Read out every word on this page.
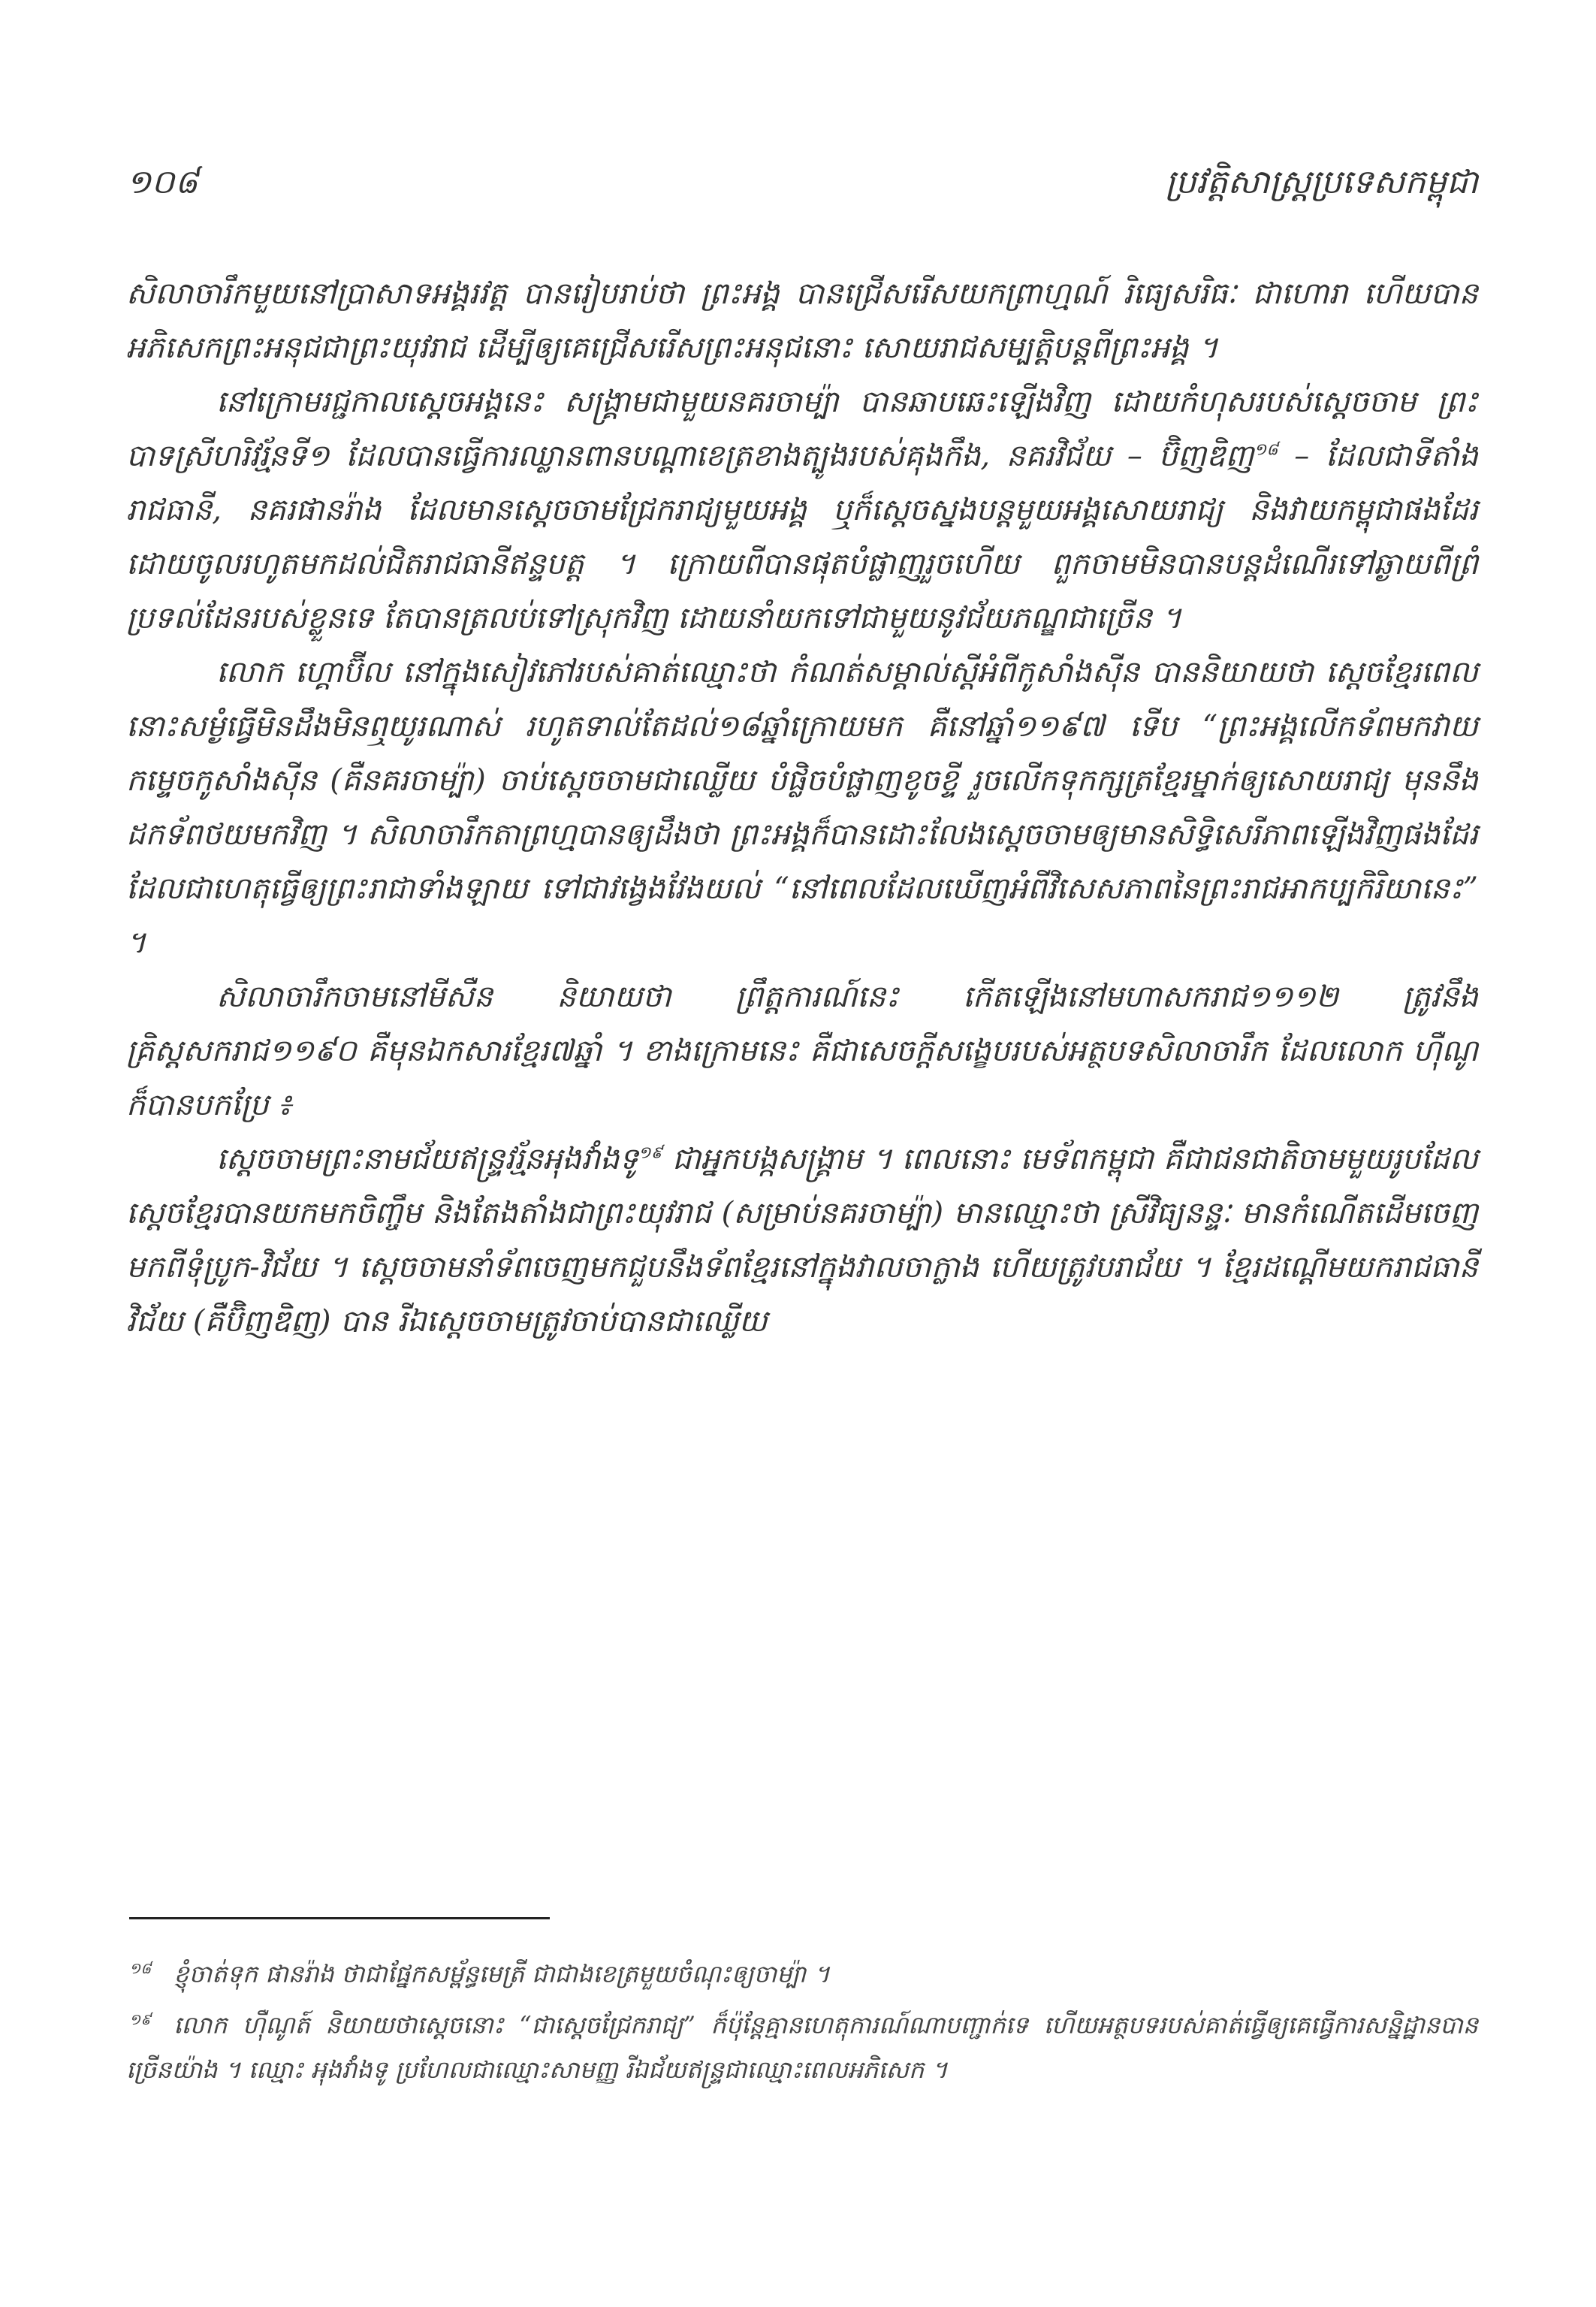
១០៨	ប្រវត្តិសាស្ត្រប្រទេសកម្ពុជា

សិលាចារឹកមួយនៅប្រាសាទអង្គរវត្ត បានរៀបរាប់ថា ព្រះអង្គ បានជ្រើសរើសយកព្រាហ្មណ៍ រិធ្យេសរិធៈ ជាហោរា ហើយបានអភិសេកព្រះអនុជជាព្រះយុវរាជ ដើម្បីឲ្យគេជ្រើសរើសព្រះអនុជនោះ សោយរាជសម្បត្តិបន្តពីព្រះអង្គ ។

នៅក្រោមរជ្ជកាលស្ដេចអង្គនេះ សង្គ្រាមជាមួយនគរចាម្ប៉ា បានឆាបឆេះឡើងវិញ ដោយកំហុសរបស់ស្ដេចចាម ព្រះបាទស្រីហរិវរ្ម័នទី១ ដែលបានធ្វើការឈ្លានពានបណ្ដាខេត្រខាងត្បូងរបស់គុងកឹង, នគរវិជ័យ – ប៊ិញឌិញ$^{១៨}$ – ដែលជាទីតាំងរាជធានី, នគរផានរ៉ាង ដែលមានស្ដេចចាមជ្រែករាជ្យមួយអង្គ ឬក៏ស្ដេចស្នងបន្តមួយអង្គសោយរាជ្យ និងវាយកម្ពុជាផងដែរ ដោយចូលរហូតមកដល់ជិតរាជធានីឥន្ទបត្ត ។ ក្រោយពីបានផុតបំផ្លាញរួចហើយ ពួកចាមមិនបានបន្តដំណើរទៅឆ្ងាយពីព្រំប្រទល់ដែនរបស់ខ្លួនទេ តែបានត្រលប់ទៅស្រុកវិញ ដោយនាំយកទៅជាមួយនូវជ័យភណ្ឌជាច្រើន ។

លោក ហ្គោប៊ីល នៅក្នុងសៀវភៅរបស់គាត់ឈ្មោះថា កំណត់សម្គាល់ស្ដីអំពីកូសាំងស៊ីន បាននិយាយថា ស្ដេចខ្មែរពេលនោះសម្ងំធ្វើមិនដឹងមិនឮយូរណាស់ រហូតទាល់តែដល់១៨ឆ្នាំក្រោយមក គឺនៅឆ្នាំ១១៩៧ ទើប “ព្រះអង្គលើកទ័ពមកវាយកម្ទេចកូសាំងស៊ីន (គឺនគរចាម្ប៉ា) ចាប់ស្ដេចចាមជាឈ្លើយ បំផ្លិចបំផ្លាញខូចខ្ទី រួចលើកទុកក្សត្រខ្មែរម្នាក់ឲ្យសោយរាជ្យ មុននឹងដកទ័ពថយមកវិញ ។ សិលាចារឹកតាព្រហ្មបានឲ្យដឹងថា ព្រះអង្គក៏បានដោះលែងស្ដេចចាមឲ្យមានសិទ្ធិសេរីភាពឡើងវិញផងដែរ ដែលជាហេតុធ្វើឲ្យព្រះរាជាទាំងឡាយ ទៅជាវង្វេងវែងយល់ “នៅពេលដែលឃើញអំពីវិសេសភាពនៃព្រះរាជអាកប្បកិរិយានេះ” ។

សិលាចារឹកចាមនៅមីសឺន និយាយថា ព្រឹត្តការណ៍នេះ កើតឡើងនៅមហាសករាជ១១១២ ត្រូវនឹងគ្រិស្តសករាជ១១៩០ គឺមុនឯកសារខ្មែរ៧ឆ្នាំ ។ ខាងក្រោមនេះ គឺជាសេចក្ដីសង្ខេបរបស់អត្ថបទសិលាចារឹក ដែលលោក ហ៊ឺណូ ក៏បានបកប្រែ ៖

ស្ដេចចាមព្រះនាមជ័យឥន្ទ្រវរ្ម័នអុងវាំងទូ$^{១៩}$ ជាអ្នកបង្កសង្គ្រាម ។ ពេលនោះ មេទ័ពកម្ពុជា គឺជាជនជាតិចាមមួយរូបដែលស្ដេចខ្មែរបានយកមកចិញ្ចឹម និងតែងតាំងជាព្រះយុវរាជ (សម្រាប់នគរចាម្ប៉ា) មានឈ្មោះថា ស្រីវិធ្យនន្ទៈ មានកំណើតដើមចេញមកពីទុំប្រូក-វិជ័យ ។ ស្ដេចចាមនាំទ័ពចេញមកជួបនឹងទ័ពខ្មែរនៅក្នុងវាលចាក្លាង ហើយត្រូវបរាជ័យ ។ ខ្មែរដណ្ដើមយករាជធានីវិជ័យ (គឺប៊ិញឌិញ) បាន រីឯស្ដេចចាមត្រូវចាប់បានជាឈ្លើយ

$^{១៨}$ ខ្ញុំចាត់ទុក ផានរ៉ាង ថាជាផ្នែកសម្ព័ន្ធមេត្រី ជាជាងខេត្រមួយចំណុះឲ្យចាម្ប៉ា ។

$^{១៩}$ លោក ហ៊ឺណូត៍ និយាយថាស្ដេចនោះ “ជាស្ដេចជ្រែករាជ្យ” ក៏ប៉ុន្តែគ្មានហេតុការណ៍ណាបញ្ជាក់ទេ ហើយអត្ថបទរបស់គាត់ធ្វើឲ្យគេធ្វើការសន្និដ្ឋានបានច្រើនយ៉ាង ។ ឈ្មោះ អុងវាំងទូ ប្រហែលជាឈ្មោះសាមញ្ញ រីឯជ័យឥន្ទ្រជាឈ្មោះពេលអភិសេក ។
